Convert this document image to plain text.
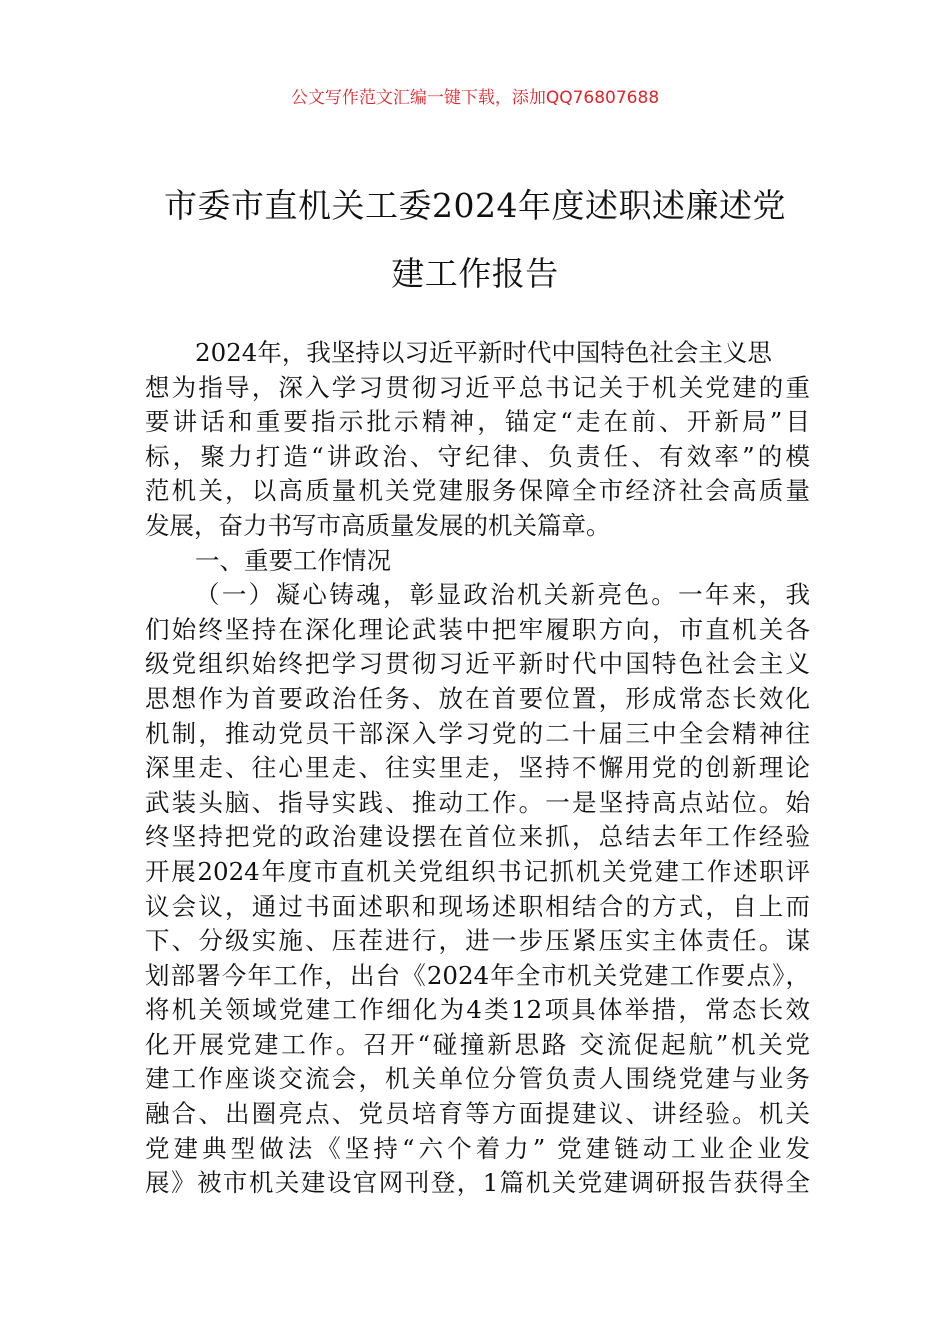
公文写作范文汇编一键下载，添加QQ76807688
市委市直机关工委2024年度述职述廉述党
建工作报告
2024年，我坚持以习近平新时代中国特色社会主义思
想为指导，深入学习贯彻习近平总书记关于机关党建的重
要讲话和重要指示批示精神，锚定“走在前、开新局”目
标，聚力打造“讲政治、守纪律、负责任、有效率”的模
范机关，以高质量机关党建服务保障全市经济社会高质量
发展，奋力书写市高质量发展的机关篇章。
一、重要工作情况
（一）凝心铸魂，彰显政治机关新亮色。一年来，我
们始终坚持在深化理论武装中把牢履职方向，市直机关各
级党组织始终把学习贯彻习近平新时代中国特色社会主义
思想作为首要政治任务、放在首要位置，形成常态长效化
机制，推动党员干部深入学习党的二十届三中全会精神往
深里走、往心里走、往实里走，坚持不懈用党的创新理论
武装头脑、指导实践、推动工作。一是坚持高点站位。始
终坚持把党的政治建设摆在首位来抓，总结去年工作经验
开展2024年度市直机关党组织书记抓机关党建工作述职评
议会议，通过书面述职和现场述职相结合的方式，自上而
下、分级实施、压茬进行，进一步压紧压实主体责任。谋
划部署今年工作，出台《2024年全市机关党建工作要点》，
将机关领域党建工作细化为4类12项具体举措，常态长效
化开展党建工作。召开“碰撞新思路 交流促起航”机关党
建工作座谈交流会，机关单位分管负责人围绕党建与业务
融合、出圈亮点、党员培育等方面提建议、讲经验。机关
党建典型做法《坚持“六个着力” 党建链动工业企业发
展》被市机关建设官网刊登，1篇机关党建调研报告获得全
